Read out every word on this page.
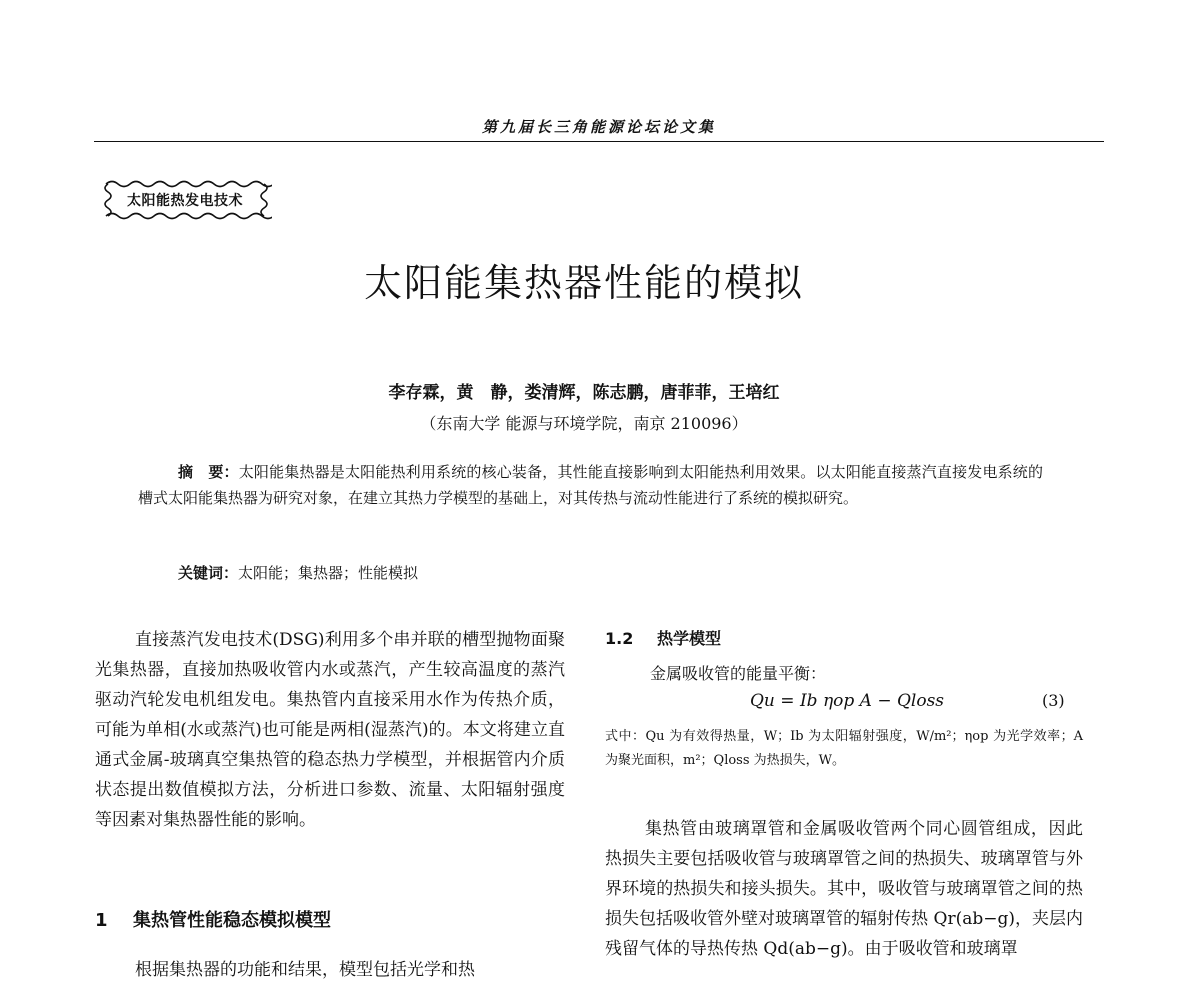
第九届长三角能源论坛论文集
太阳能热发电技术
太阳能集热器性能的模拟
李存霖，黄　静，娄清辉，陈志鹏，唐菲菲，王培红
（东南大学 能源与环境学院，南京 210096）
摘　要：太阳能集热器是太阳能热利用系统的核心装备，其性能直接影响到太阳能热利用效果。以太阳能直接蒸汽直接发电系统的槽式太阳能集热器为研究对象，在建立其热力学模型的基础上，对其传热与流动性能进行了系统的模拟研究。
关键词：太阳能；集热器；性能模拟
直接蒸汽发电技术(DSG)利用多个串并联的槽型抛物面聚光集热器，直接加热吸收管内水或蒸汽，产生较高温度的蒸汽驱动汽轮发电机组发电。集热管内直接采用水作为传热介质，可能为单相(水或蒸汽)也可能是两相(湿蒸汽)的。本文将建立直通式金属-玻璃真空集热管的稳态热力学模型，并根据管内介质状态提出数值模拟方法，分析进口参数、流量、太阳辐射强度等因素对集热器性能的影响。
1 集热管性能稳态模拟模型
根据集热器的功能和结果，模型包括光学和热
1.2 热学模型
金属吸收管的能量平衡：
Qu = Ib ηop A − Qloss	(3)
式中：Qu 为有效得热量，W；Ib 为太阳辐射强度，W/m²；ηop 为光学效率；A 为聚光面积，m²；Qloss 为热损失，W。
集热管由玻璃罩管和金属吸收管两个同心圆管组成，因此热损失主要包括吸收管与玻璃罩管之间的热损失、玻璃罩管与外界环境的热损失和接头损失。其中，吸收管与玻璃罩管之间的热损失包括吸收管外壁对玻璃罩管的辐射传热 Qr(ab−g)，夹层内残留气体的导热传热 Qd(ab−g)。由于吸收管和玻璃罩
